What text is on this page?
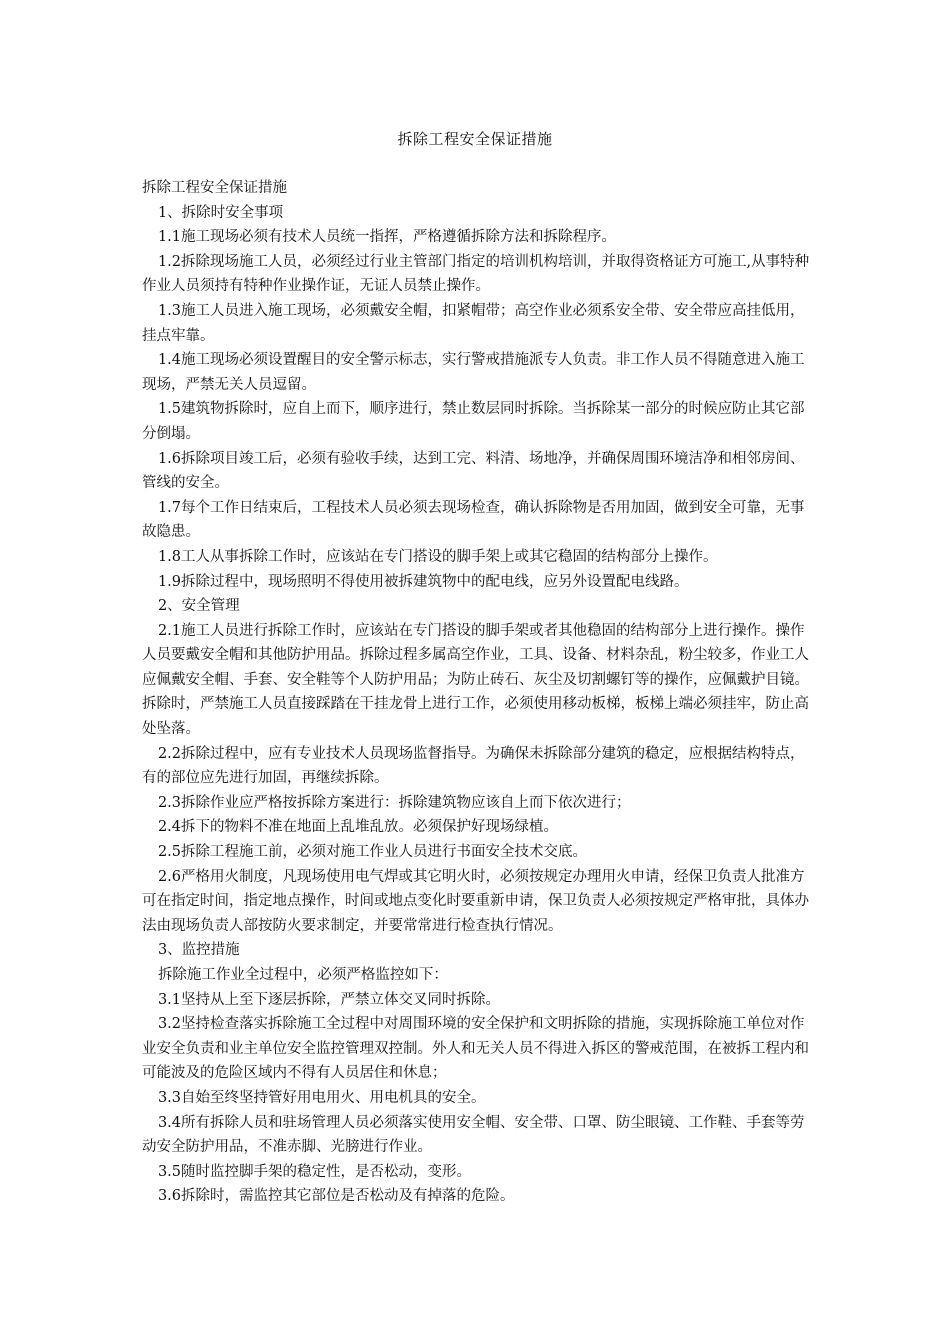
拆除工程安全保证措施

拆除工程安全保证措施

1、拆除时安全事项

1.1施工现场必须有技术人员统一指挥，严格遵循拆除方法和拆除程序。

1.2拆除现场施工人员，必须经过行业主管部门指定的培训机构培训，并取得资格证方可施工,从事特种作业人员须持有特种作业操作证，无证人员禁止操作。

1.3施工人员进入施工现场，必须戴安全帽，扣紧帽带；高空作业必须系安全带、安全带应高挂低用，挂点牢靠。

1.4施工现场必须设置醒目的安全警示标志，实行警戒措施派专人负责。非工作人员不得随意进入施工现场，严禁无关人员逗留。

1.5建筑物拆除时，应自上而下，顺序进行，禁止数层同时拆除。当拆除某一部分的时候应防止其它部分倒塌。

1.6拆除项目竣工后，必须有验收手续，达到工完、料清、场地净，并确保周围环境洁净和相邻房间、管线的安全。

1.7每个工作日结束后，工程技术人员必须去现场检查，确认拆除物是否用加固，做到安全可靠，无事故隐患。

1.8工人从事拆除工作时，应该站在专门搭设的脚手架上或其它稳固的结构部分上操作。

1.9拆除过程中，现场照明不得使用被拆建筑物中的配电线，应另外设置配电线路。

2、安全管理

2.1施工人员进行拆除工作时，应该站在专门搭设的脚手架或者其他稳固的结构部分上进行操作。操作人员要戴安全帽和其他防护用品。拆除过程多属高空作业，工具、设备、材料杂乱，粉尘较多，作业工人应佩戴安全帽、手套、安全鞋等个人防护用品；为防止砖石、灰尘及切割螺钉等的操作，应佩戴护目镜。拆除时，严禁施工人员直接踩踏在干挂龙骨上进行工作，必须使用移动板梯，板梯上端必须挂牢，防止高处坠落。

2.2拆除过程中，应有专业技术人员现场监督指导。为确保未拆除部分建筑的稳定，应根据结构特点，有的部位应先进行加固，再继续拆除。

2.3拆除作业应严格按拆除方案进行：拆除建筑物应该自上而下依次进行；

2.4拆下的物料不准在地面上乱堆乱放。必须保护好现场绿植。

2.5拆除工程施工前，必须对施工作业人员进行书面安全技术交底。

2.6严格用火制度，凡现场使用电气焊或其它明火时，必须按规定办理用火申请，经保卫负责人批准方可在指定时间，指定地点操作，时间或地点变化时要重新申请，保卫负责人必须按规定严格审批，具体办法由现场负责人部按防火要求制定，并要常常进行检查执行情况。

3、监控措施

拆除施工作业全过程中，必须严格监控如下：

3.1坚持从上至下逐层拆除，严禁立体交叉同时拆除。

3.2坚持检查落实拆除施工全过程中对周围环境的安全保护和文明拆除的措施，实现拆除施工单位对作业安全负责和业主单位安全监控管理双控制。外人和无关人员不得进入拆区的警戒范围，在被拆工程内和可能波及的危险区域内不得有人员居住和休息；

3.3自始至终坚持管好用电用火、用电机具的安全。

3.4所有拆除人员和驻场管理人员必须落实使用安全帽、安全带、口罩、防尘眼镜、工作鞋、手套等劳动安全防护用品，不准赤脚、光膀进行作业。

3.5随时监控脚手架的稳定性，是否松动，变形。

3.6拆除时，需监控其它部位是否松动及有掉落的危险。
